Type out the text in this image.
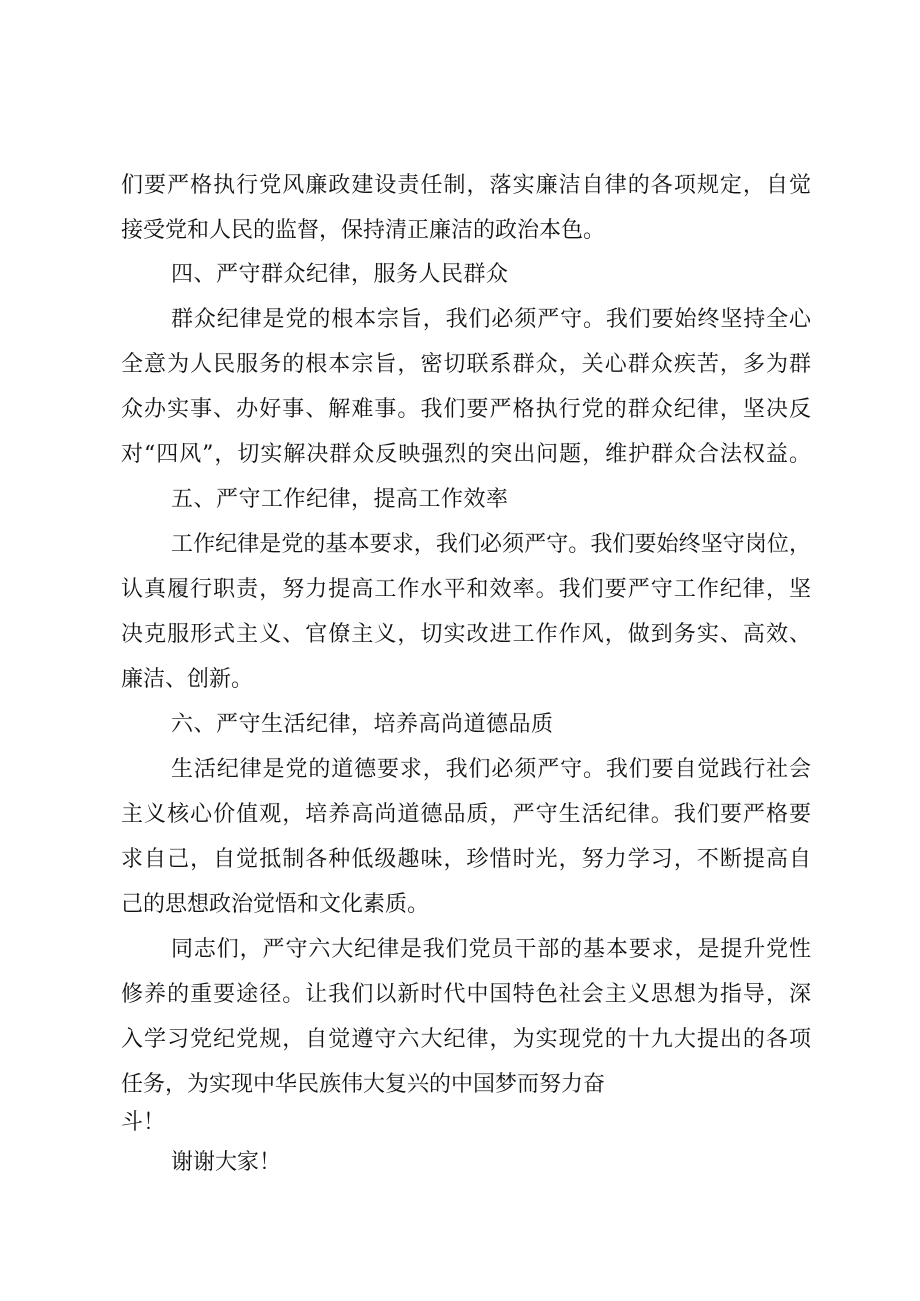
们要严格执行党风廉政建设责任制，落实廉洁自律的各项规定，自觉
接受党和人民的监督，保持清正廉洁的政治本色。
四、严守群众纪律，服务人民群众
群众纪律是党的根本宗旨，我们必须严守。我们要始终坚持全心
全意为人民服务的根本宗旨，密切联系群众，关心群众疾苦，多为群
众办实事、办好事、解难事。我们要严格执行党的群众纪律，坚决反
对“四风”，切实解决群众反映强烈的突出问题，维护群众合法权益。
五、严守工作纪律，提高工作效率
工作纪律是党的基本要求，我们必须严守。我们要始终坚守岗位，
认真履行职责，努力提高工作水平和效率。我们要严守工作纪律，坚
决克服形式主义、官僚主义，切实改进工作作风，做到务实、高效、
廉洁、创新。
六、严守生活纪律，培养高尚道德品质
生活纪律是党的道德要求，我们必须严守。我们要自觉践行社会
主义核心价值观，培养高尚道德品质，严守生活纪律。我们要严格要
求自己，自觉抵制各种低级趣味，珍惜时光，努力学习，不断提高自
己的思想政治觉悟和文化素质。
同志们，严守六大纪律是我们党员干部的基本要求，是提升党性
修养的重要途径。让我们以新时代中国特色社会主义思想为指导，深
入学习党纪党规，自觉遵守六大纪律，为实现党的十九大提出的各项
任务，为实现中华民族伟大复兴的中国梦而努力奋
斗！
谢谢大家！
